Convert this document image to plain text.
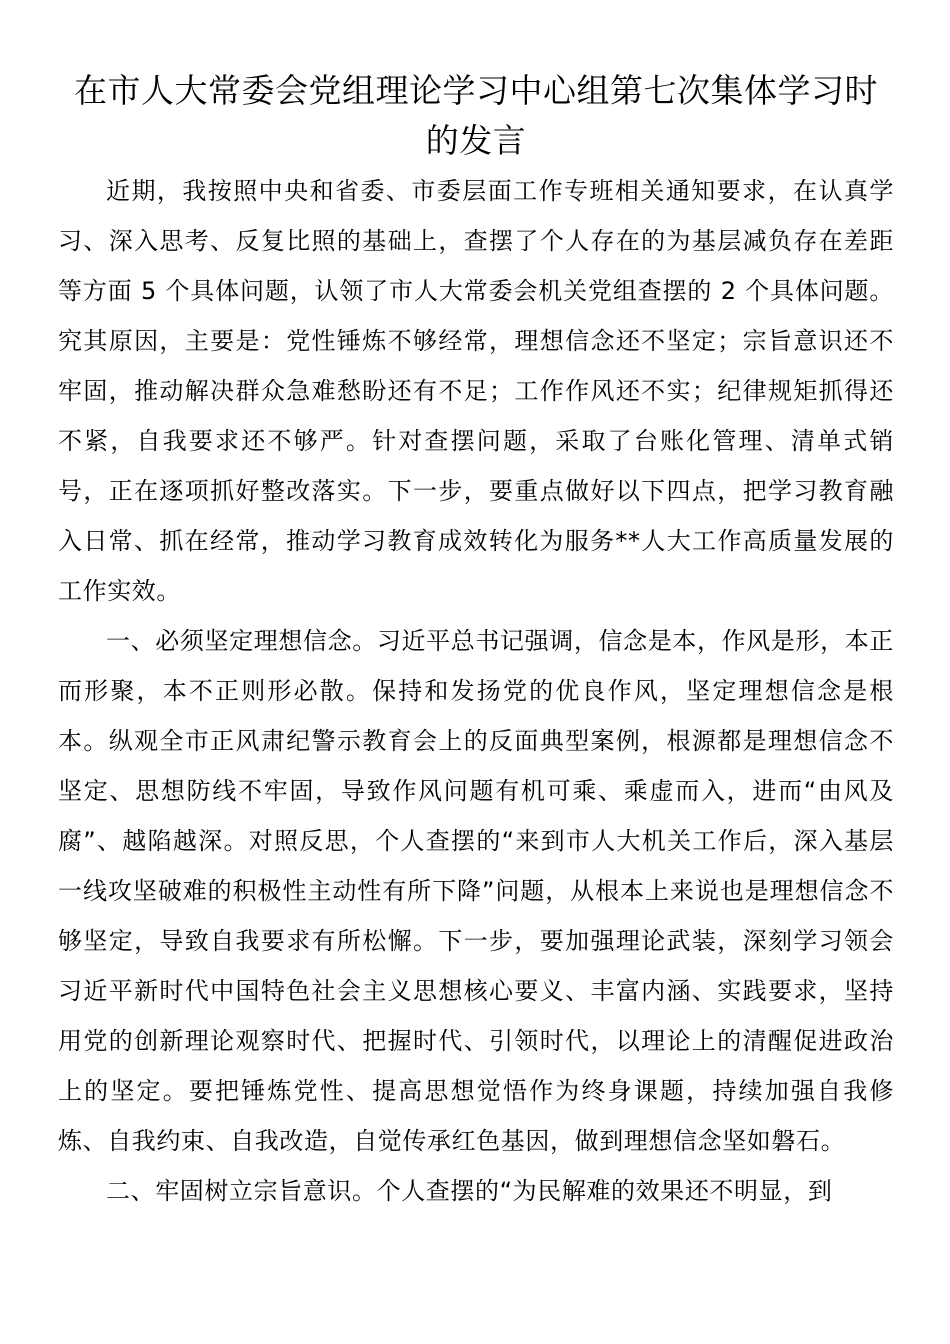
在市人大常委会党组理论学习中心组第七次集体学习时的发言

近期，我按照中央和省委、市委层面工作专班相关通知要求，在认真学习、深入思考、反复比照的基础上，查摆了个人存在的为基层减负存在差距等方面 5 个具体问题，认领了市人大常委会机关党组查摆的 2 个具体问题。究其原因，主要是：党性锤炼不够经常，理想信念还不坚定；宗旨意识还不牢固，推动解决群众急难愁盼还有不足；工作作风还不实；纪律规矩抓得还不紧，自我要求还不够严。针对查摆问题，采取了台账化管理、清单式销号，正在逐项抓好整改落实。下一步，要重点做好以下四点，把学习教育融入日常、抓在经常，推动学习教育成效转化为服务**人大工作高质量发展的工作实效。

一、必须坚定理想信念。习近平总书记强调，信念是本，作风是形，本正而形聚，本不正则形必散。保持和发扬党的优良作风，坚定理想信念是根本。纵观全市正风肃纪警示教育会上的反面典型案例，根源都是理想信念不坚定、思想防线不牢固，导致作风问题有机可乘、乘虚而入，进而“由风及腐”、越陷越深。对照反思，个人查摆的“来到市人大机关工作后，深入基层一线攻坚破难的积极性主动性有所下降”问题，从根本上来说也是理想信念不够坚定，导致自我要求有所松懈。下一步，要加强理论武装，深刻学习领会习近平新时代中国特色社会主义思想核心要义、丰富内涵、实践要求，坚持用党的创新理论观察时代、把握时代、引领时代，以理论上的清醒促进政治上的坚定。要把锤炼党性、提高思想觉悟作为终身课题，持续加强自我修炼、自我约束、自我改造，自觉传承红色基因，做到理想信念坚如磐石。

二、牢固树立宗旨意识。个人查摆的“为民解难的效果还不明显，到
